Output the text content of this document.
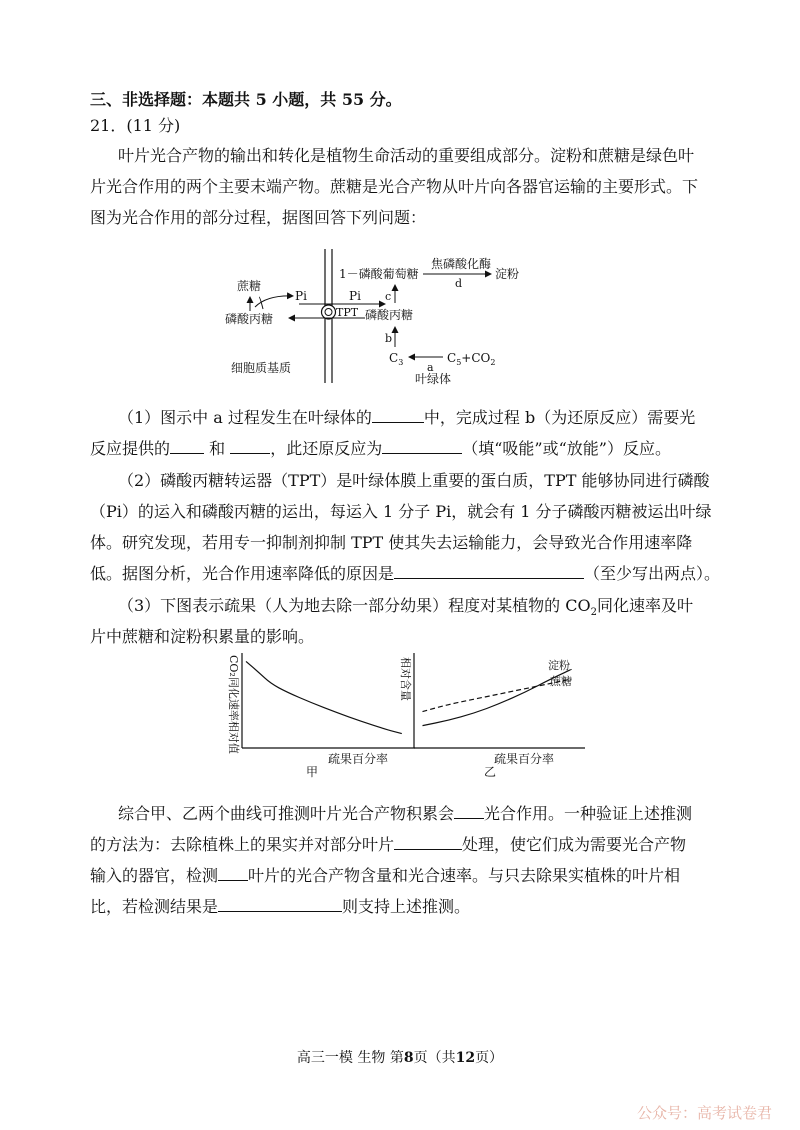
三、非选择题：本题共 5 小题，共 55 分。
21．(11 分)
叶片光合产物的输出和转化是植物生命活动的重要组成部分。淀粉和蔗糖是绿色叶
片光合作用的两个主要末端产物。蔗糖是光合产物从叶片向各器官运输的主要形式。下
图为光合作用的部分过程，据图回答下列问题：
TPT
蔗糖
Pi
磷酸丙糖
细胞质基质
Pi
1－磷酸葡萄糖
焦磷酸化酶
d
淀粉
c
磷酸丙糖
b
$C_3$ a
$C_5+CO_2$
叶绿体
（1）图示中 a 过程发生在叶绿体的	中，完成过程 b（为还原反应）需要光
反应提供的 和	，此还原反应为	（填“吸能”或“放能”）反应。
（2）磷酸丙糖转运器（TPT）是叶绿体膜上重要的蛋白质，TPT 能够协同进行磷酸
（Pi）的运入和磷酸丙糖的运出，每运入 1 分子 Pi，就会有 1 分子磷酸丙糖被运出叶绿
体。研究发现，若用专一抑制剂抑制 TPT 使其失去运输能力，会导致光合作用速率降
低。据图分析，光合作用速率降低的原因是	（至少写出两点）。
（3）下图表示疏果（人为地去除一部分幼果）程度对某植物的 $CO_2$同化速率及叶
片中蔗糖和淀粉积累量的影响。
CO₂同化速率相对值
疏果百分率
甲
相对含量	淀粉
蔗糖
疏果百分率
乙
综合甲、乙两个曲线可推测叶片光合产物积累会 光合作用。一种验证上述推测
的方法为：去除植株上的果实并对部分叶片	处理，使它们成为需要光合产物
输入的器官，检测 叶片的光合产物含量和光合速率。与只去除果实植株的叶片相
比，若检测结果是	则支持上述推测。
高三一模 生物 第8页（共12页）
公众号：高考试卷君
